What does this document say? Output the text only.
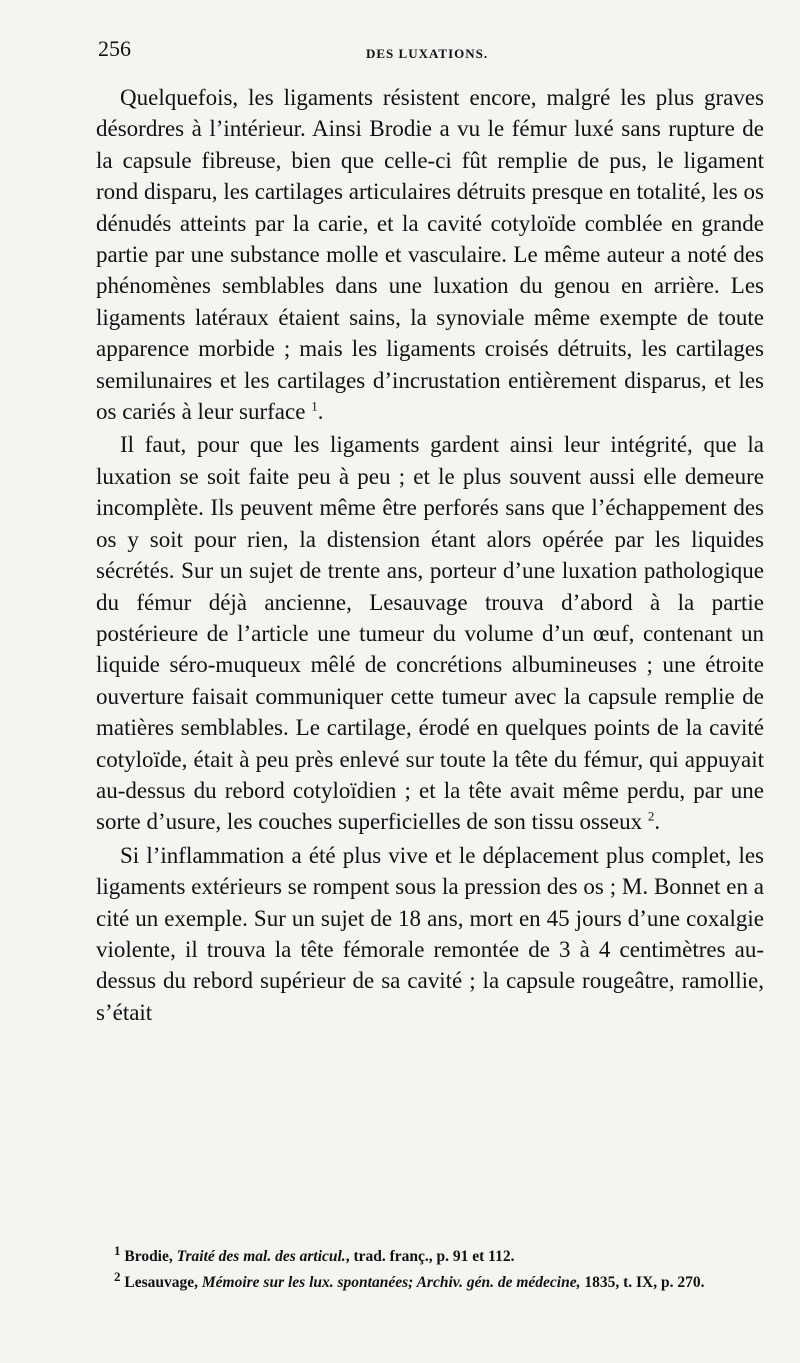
256	DES LUXATIONS.

Quelquefois, les ligaments résistent encore, malgré les plus graves désordres à l’intérieur. Ainsi Brodie a vu le fémur luxé sans rupture de la capsule fibreuse, bien que celle-ci fût remplie de pus, le ligament rond disparu, les cartilages articulaires détruits presque en totalité, les os dénudés atteints par la carie, et la cavité cotyloïde comblée en grande partie par une substance molle et vasculaire. Le même auteur a noté des phénomènes semblables dans une luxation du genou en arrière. Les ligaments latéraux étaient sains, la synoviale même exempte de toute apparence morbide ; mais les ligaments croisés détruits, les cartilages semilunaires et les cartilages d’incrustation entièrement disparus, et les os cariés à leur surface $^1$.

Il faut, pour que les ligaments gardent ainsi leur intégrité, que la luxation se soit faite peu à peu ; et le plus souvent aussi elle demeure incomplète. Ils peuvent même être perforés sans que l’échappement des os y soit pour rien, la distension étant alors opérée par les liquides sécrétés. Sur un sujet de trente ans, porteur d’une luxation pathologique du fémur déjà ancienne, Lesauvage trouva d’abord à la partie postérieure de l’article une tumeur du volume d’un œuf, contenant un liquide séro-muqueux mêlé de concrétions albumineuses ; une étroite ouverture faisait communiquer cette tumeur avec la capsule remplie de matières semblables. Le cartilage, érodé en quelques points de la cavité cotyloïde, était à peu près enlevé sur toute la tête du fémur, qui appuyait au-dessus du rebord cotyloïdien ; et la tête avait même perdu, par une sorte d’usure, les couches superficielles de son tissu osseux $^2$.

Si l’inflammation a été plus vive et le déplacement plus complet, les ligaments extérieurs se rompent sous la pression des os ; M. Bonnet en a cité un exemple. Sur un sujet de 18 ans, mort en 45 jours d’une coxalgie violente, il trouva la tête fémorale remontée de 3 à 4 centimètres au-dessus du rebord supérieur de sa cavité ; la capsule rougeâtre, ramollie, s’était

$^1$ Brodie, Traité des mal. des articul., trad. franç., p. 91 et 112.

$^2$ Lesauvage, Mémoire sur les lux. spontanées; Archiv. gén. de médecine, 1835, t. IX, p. 270.
